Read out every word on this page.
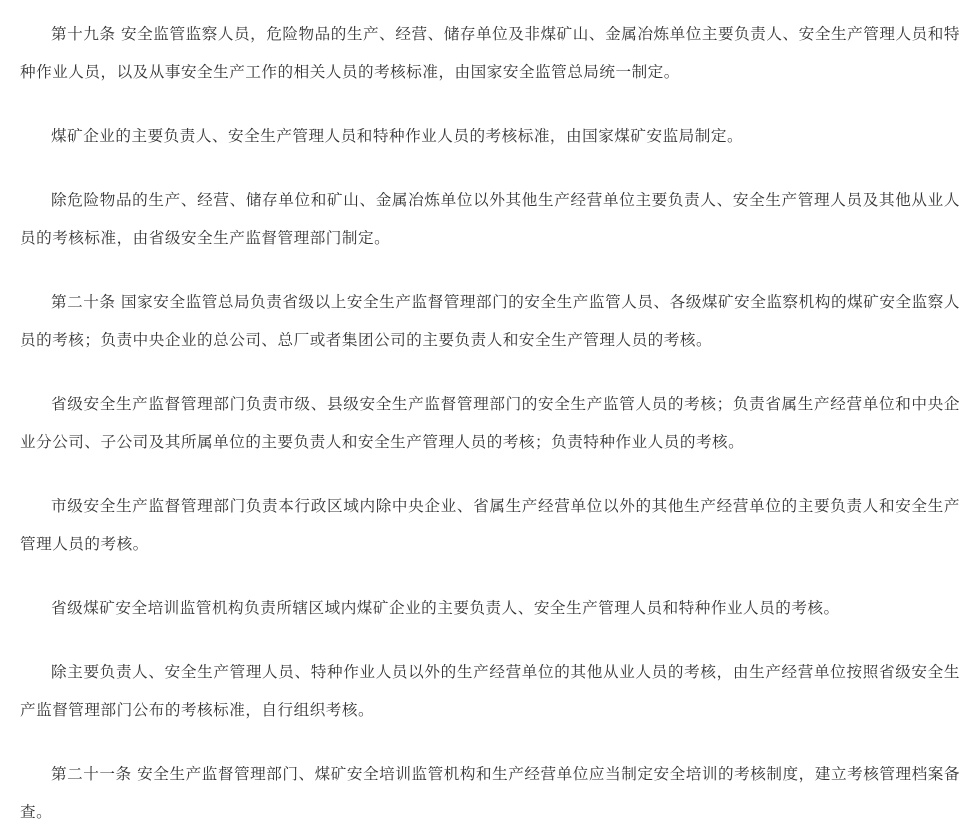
第十九条 安全监管监察人员，危险物品的生产、经营、储存单位及非煤矿山、金属冶炼单位主要负责人、安全生产管理人员和特种作业人员，以及从事安全生产工作的相关人员的考核标准，由国家安全监管总局统一制定。

煤矿企业的主要负责人、安全生产管理人员和特种作业人员的考核标准，由国家煤矿安监局制定。

除危险物品的生产、经营、储存单位和矿山、金属冶炼单位以外其他生产经营单位主要负责人、安全生产管理人员及其他从业人员的考核标准，由省级安全生产监督管理部门制定。

第二十条 国家安全监管总局负责省级以上安全生产监督管理部门的安全生产监管人员、各级煤矿安全监察机构的煤矿安全监察人员的考核；负责中央企业的总公司、总厂或者集团公司的主要负责人和安全生产管理人员的考核。

省级安全生产监督管理部门负责市级、县级安全生产监督管理部门的安全生产监管人员的考核；负责省属生产经营单位和中央企业分公司、子公司及其所属单位的主要负责人和安全生产管理人员的考核；负责特种作业人员的考核。

市级安全生产监督管理部门负责本行政区域内除中央企业、省属生产经营单位以外的其他生产经营单位的主要负责人和安全生产管理人员的考核。

省级煤矿安全培训监管机构负责所辖区域内煤矿企业的主要负责人、安全生产管理人员和特种作业人员的考核。

除主要负责人、安全生产管理人员、特种作业人员以外的生产经营单位的其他从业人员的考核，由生产经营单位按照省级安全生产监督管理部门公布的考核标准，自行组织考核。

第二十一条 安全生产监督管理部门、煤矿安全培训监管机构和生产经营单位应当制定安全培训的考核制度，建立考核管理档案备查。
